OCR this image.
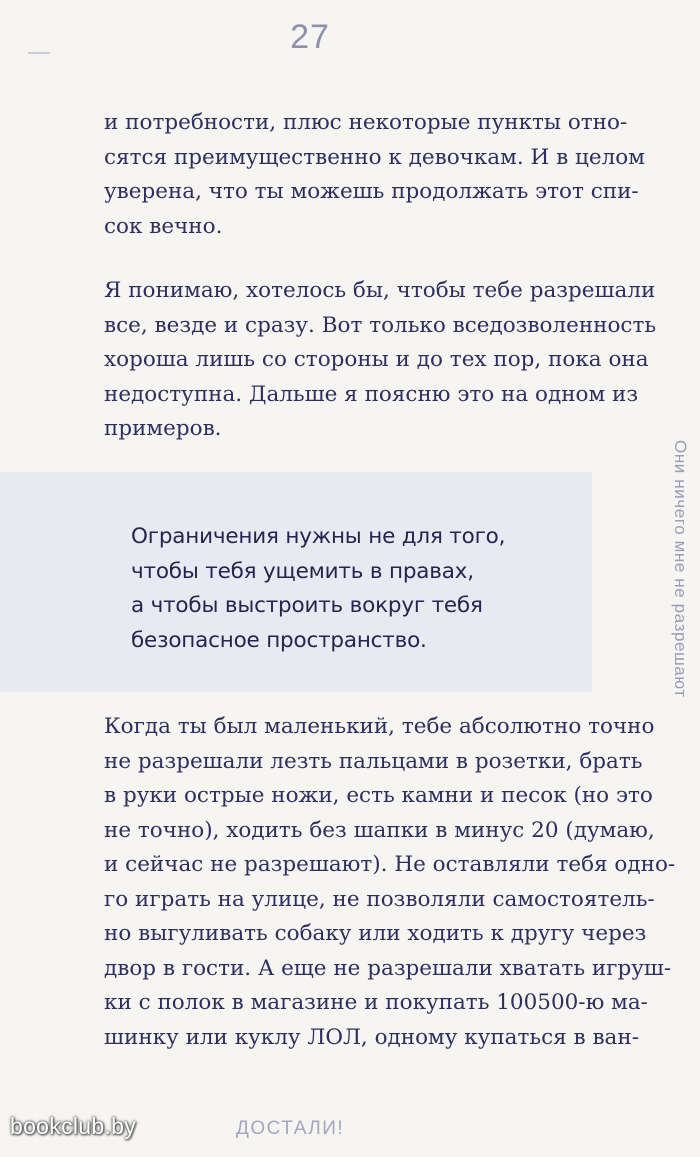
27
и потребности, плюс некоторые пункты отно-
сятся преимущественно к девочкам. И в целом
уверена, что ты можешь продолжать этот спи-
сок вечно.
Я понимаю, хотелось бы, чтобы тебе разрешали
все, везде и сразу. Вот только вседозволенность
хороша лишь со стороны и до тех пор, пока она
недоступна. Дальше я поясню это на одном из
примеров.
Ограничения нужны не для того,
чтобы тебя ущемить в правах,
а чтобы выстроить вокруг тебя
безопасное пространство.	Они ничего мне не разрешают
Когда ты был маленький, тебе абсолютно точно
не разрешали лезть пальцами в розетки, брать
в руки острые ножи, есть камни и песок (но это
не точно), ходить без шапки в минус 20 (думаю,
и сейчас не разрешают). Не оставляли тебя одно-
го играть на улице, не позволяли самостоятель-
но выгуливать собаку или ходить к другу через
двор в гости. А еще не разрешали хватать игруш-
ки с полок в магазине и покупать 100500-ю ма-
шинку или куклу ЛОЛ, одному купаться в ван-
bookclub.by	ДОСТАЛИ!
